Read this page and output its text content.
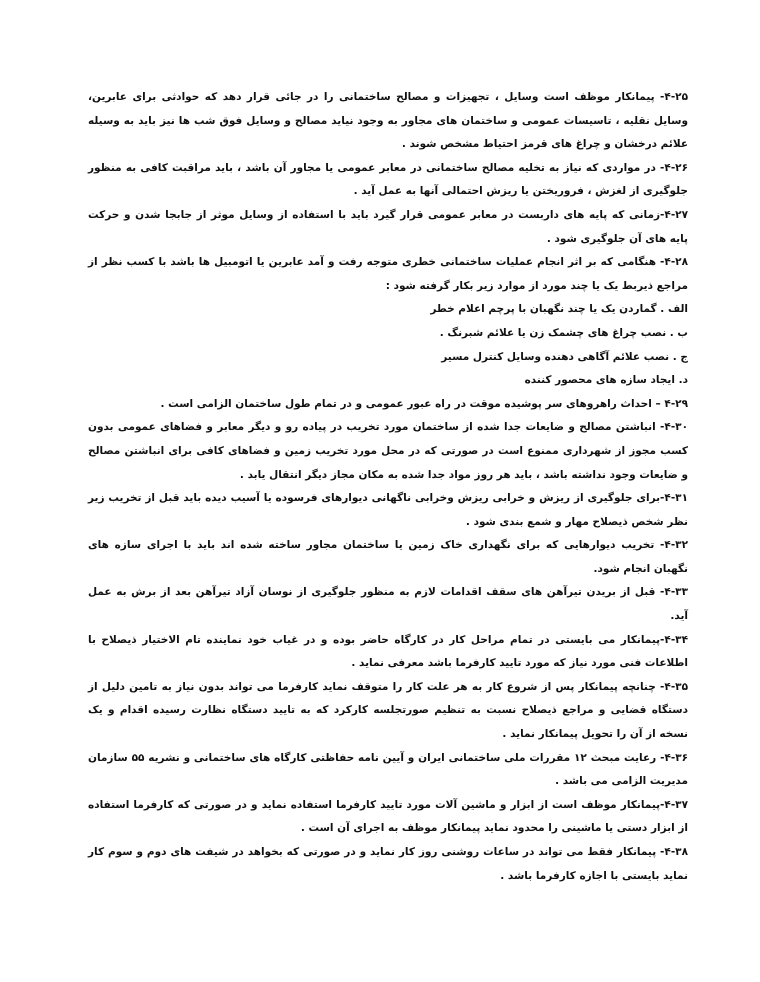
۴-۲۵- پیمانکار موظف است وسایل ، تجهیزات و مصالح ساختمانی را در جائی قرار دهد که حوادثی برای عابرین، وسایل نقلیه ، تاسیسات عمومی و ساختمان های مجاور به وجود نیاید مصالح و وسایل فوق شب ها نیز باید به وسیله علائم درخشان و چراغ های قرمز احتیاط مشخص شوند .

۴-۲۶- در مواردی که نیاز به تخلیه مصالح ساختمانی در معابر عمومی یا مجاور آن باشد ، باید مراقبت کافی به منظور جلوگیری از لغزش ، فروریختن یا ریزش احتمالی آنها به عمل آید .

۴-۲۷-زمانی که پایه های داربست در معابر عمومی قرار گیرد باید با استفاده از وسایل موثر از جابجا شدن و حرکت پایه های آن جلوگیری شود .

۴-۲۸- هنگامی که بر اثر انجام عملیات ساختمانی خطری متوجه رفت و آمد عابرین یا اتومبیل ها باشد با کسب نظر از مراجع ذیربط یک یا چند مورد از موارد زیر بکار گرفته شود :

الف . گماردن یک یا چند نگهبان با پرچم اعلام خطر

ب . نصب چراغ های چشمک زن یا علائم شبرنگ .

ج . نصب علائم آگاهی دهنده وسایل کنترل مسیر

د. ایجاد سازه های محصور کننده

۴-۲۹ – احداث راهروهای سر پوشیده موقت در راه عبور عمومی و در تمام طول ساختمان الزامی است .

۴-۳۰- انباشتن مصالح و ضایعات جدا شده از ساختمان مورد تخریب در پیاده رو و دیگر معابر و فضاهای عمومی بدون کسب مجوز از شهرداری ممنوع است در صورتی که در محل مورد تخریب زمین و فضاهای کافی برای انباشتن مصالح و ضایعات وجود نداشته باشد ، باید هر روز مواد جدا شده به مکان مجاز دیگر انتقال یابد .

۴-۳۱-برای جلوگیری از ریزش و خرابی ریزش وخرابی ناگهانی دیوارهای فرسوده یا آسیب دیده باید قبل از تخریب زیر نظر شخص ذیصلاح مهار و شمع بندی شود .

۴-۳۲- تخریب دیوارهایی که برای نگهداری خاک زمین یا ساختمان مجاور ساخته شده اند باید با اجرای سازه های نگهبان انجام شود.

۴-۳۳- قبل از بریدن تیرآهن های سقف اقدامات لازم به منظور جلوگیری از نوسان آزاد تیرآهن بعد از برش به عمل آید.

۴-۳۴-پیمانکار می بایستی در تمام مراحل کار در کارگاه حاضر بوده و در غیاب خود نماینده تام الاختیار ذیصلاح با اطلاعات فنی مورد نیاز که مورد تایید کارفرما باشد معرفی نماید .

۴-۳۵- چنانچه پیمانکار پس از شروع کار به هر علت کار را متوقف نماید کارفرما می تواند بدون نیاز به تامین دلیل از دستگاه قضایی و مراجع ذیصلاح نسبت به تنظیم صورتجلسه کارکرد که به تایید دستگاه نظارت رسیده اقدام و یک نسخه از آن را تحویل پیمانکار نماید .

۴-۳۶- رعایت مبحث ۱۲ مقررات ملی ساختمانی ایران و آیین نامه حفاظتی کارگاه های ساختمانی و نشریه ۵۵ سازمان مدیریت الزامی می باشد .

۴-۳۷-پیمانکار موظف است از ابزار و ماشین آلات مورد تایید کارفرما استفاده نماید و در صورتی که کارفرما استفاده از ابزار دستی یا ماشینی را محدود نماید پیمانکار موظف به اجرای آن است .

۴-۳۸- پیمانکار فقط می تواند در ساعات روشنی روز کار نماید و در صورتی که بخواهد در شیفت های دوم و سوم کار نماید بایستی با اجازه کارفرما باشد .
